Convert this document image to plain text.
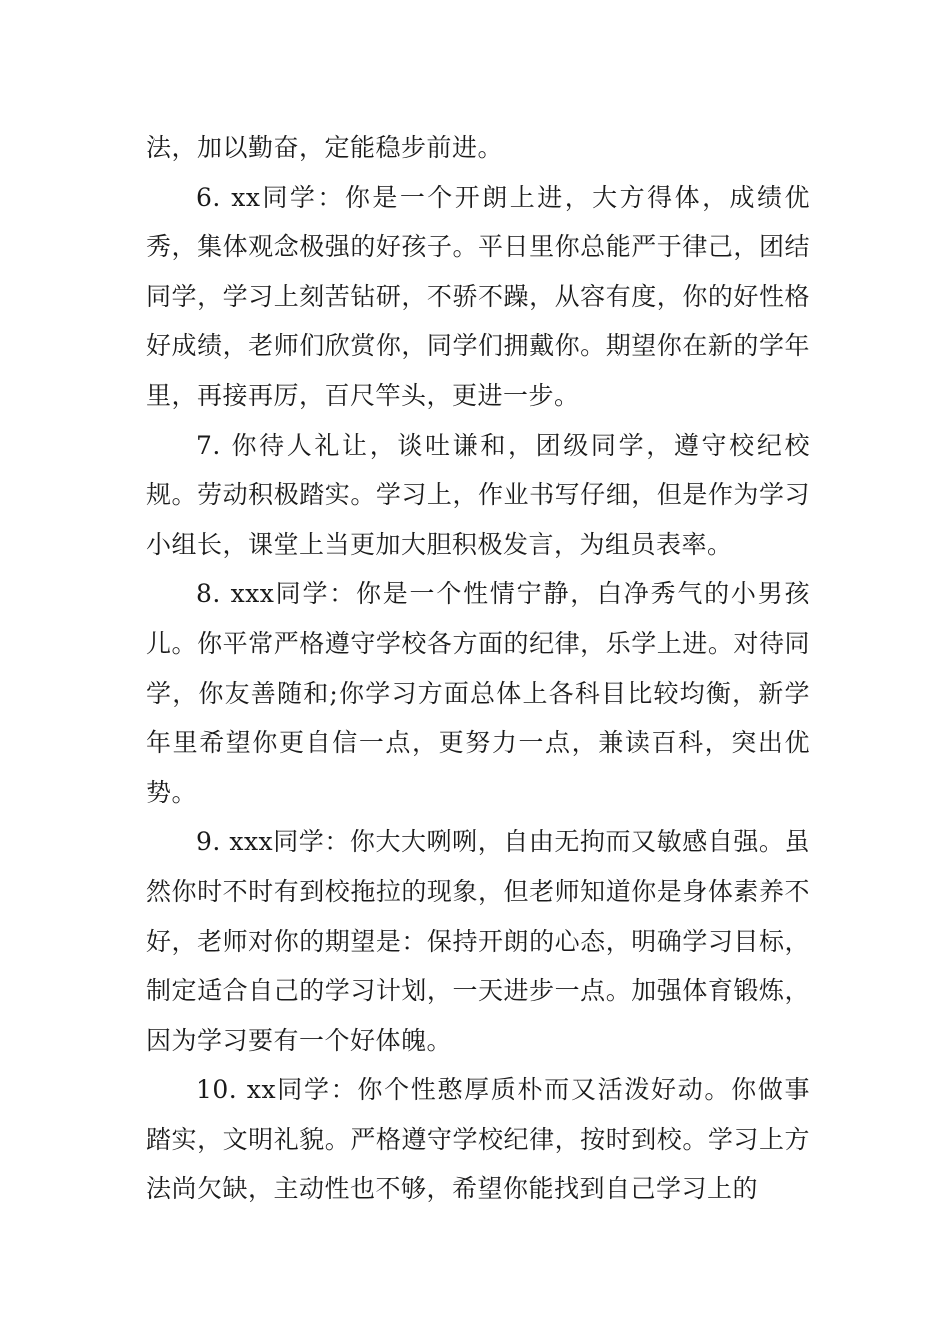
法，加以勤奋，定能稳步前进。

6. xx同学：你是一个开朗上进，大方得体，成绩优秀，集体观念极强的好孩子。平日里你总能严于律己，团结同学，学习上刻苦钻研，不骄不躁，从容有度，你的好性格好成绩，老师们欣赏你，同学们拥戴你。期望你在新的学年里，再接再厉，百尺竿头，更进一步。

7. 你待人礼让，谈吐谦和，团级同学，遵守校纪校规。劳动积极踏实。学习上，作业书写仔细，但是作为学习小组长，课堂上当更加大胆积极发言，为组员表率。

8. xxx同学：你是一个性情宁静，白净秀气的小男孩儿。你平常严格遵守学校各方面的纪律，乐学上进。对待同学，你友善随和;你学习方面总体上各科目比较均衡，新学年里希望你更自信一点，更努力一点，兼读百科，突出优势。

9. xxx同学：你大大咧咧，自由无拘而又敏感自强。虽然你时不时有到校拖拉的现象，但老师知道你是身体素养不好，老师对你的期望是：保持开朗的心态，明确学习目标，制定适合自己的学习计划，一天进步一点。加强体育锻炼，因为学习要有一个好体魄。

10. xx同学：你个性憨厚质朴而又活泼好动。你做事踏实，文明礼貌。严格遵守学校纪律，按时到校。学习上方法尚欠缺，主动性也不够，希望你能找到自己学习上的
